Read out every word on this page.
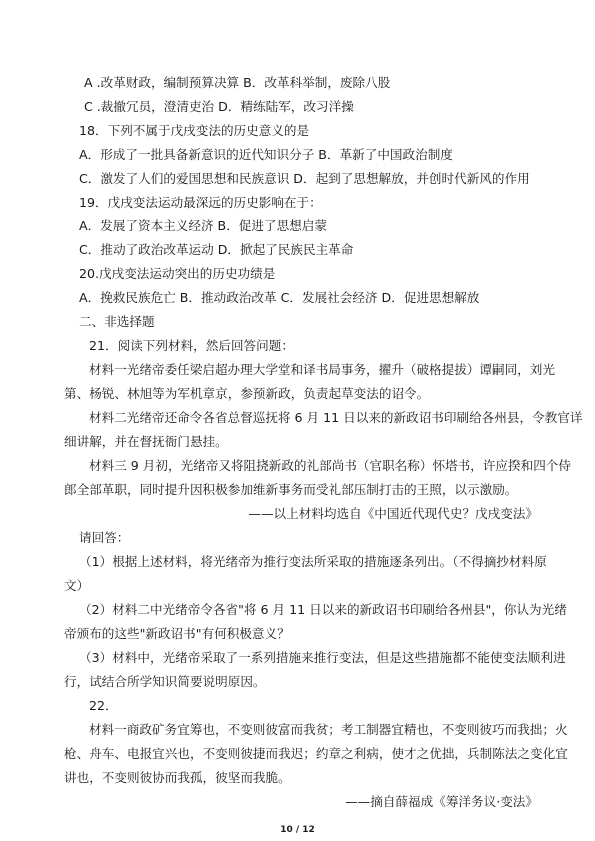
A .改革财政，编制预算决算 B．改革科举制，废除八股
C .裁撤冗员，澄清吏治 D．精练陆军，改习洋操
18．下列不属于戊戌变法的历史意义的是
A．形成了一批具备新意识的近代知识分子 B．革新了中国政治制度
C．激发了人们的爱国思想和民族意识 D．起到了思想解放，并创时代新风的作用
19．戊戌变法运动最深远的历史影响在于：
A．发展了资本主义经济 B．促进了思想启蒙
C．推动了政治改革运动 D．掀起了民族民主革命
20.戊戌变法运动突出的历史功绩是
A．挽救民族危亡 B．推动政治改革 C．发展社会经济 D．促进思想解放
二、非选择题
21．阅读下列材料，然后回答问题：
材料一光绪帝委任梁启超办理大学堂和译书局事务，擢升（破格提拔）谭嗣同，刘光
第、杨锐、林旭等为军机章京，参预新政，负责起草变法的诏令。
材料二光绪帝还命令各省总督巡抚将 6 月 11 日以来的新政诏书印刷给各州县，令教官详
细讲解，并在督抚衙门悬挂。
材料三 9 月初，光绪帝又将阻挠新政的礼部尚书（官职名称）怀塔书，许应揆和四个侍
郎全部革职，同时提升因积极参加维新事务而受礼部压制打击的王照，以示激励。
——以上材料均选自《中国近代现代史？戊戌变法》
请回答：
（1）根据上述材料，将光绪帝为推行变法所采取的措施逐条列出。（不得摘抄材料原
文）
（2）材料二中光绪帝令各省"将 6 月 11 日以来的新政诏书印刷给各州县"，你认为光绪
帝颁布的这些"新政诏书"有何积极意义？
（3）材料中，光绪帝采取了一系列措施来推行变法，但是这些措施都不能使变法顺利进
行，试结合所学知识简要说明原因。
22．
材料一商政矿务宜筹也，不变则彼富而我贫；考工制器宜精也，不变则彼巧而我拙；火
枪、舟车、电报宜兴也，不变则彼捷而我迟；约章之利病，使才之优拙，兵制陈法之变化宜
讲也，不变则彼协而我孤，彼坚而我脆。
——摘自薛福成《筹洋务议·变法》
10 / 12
